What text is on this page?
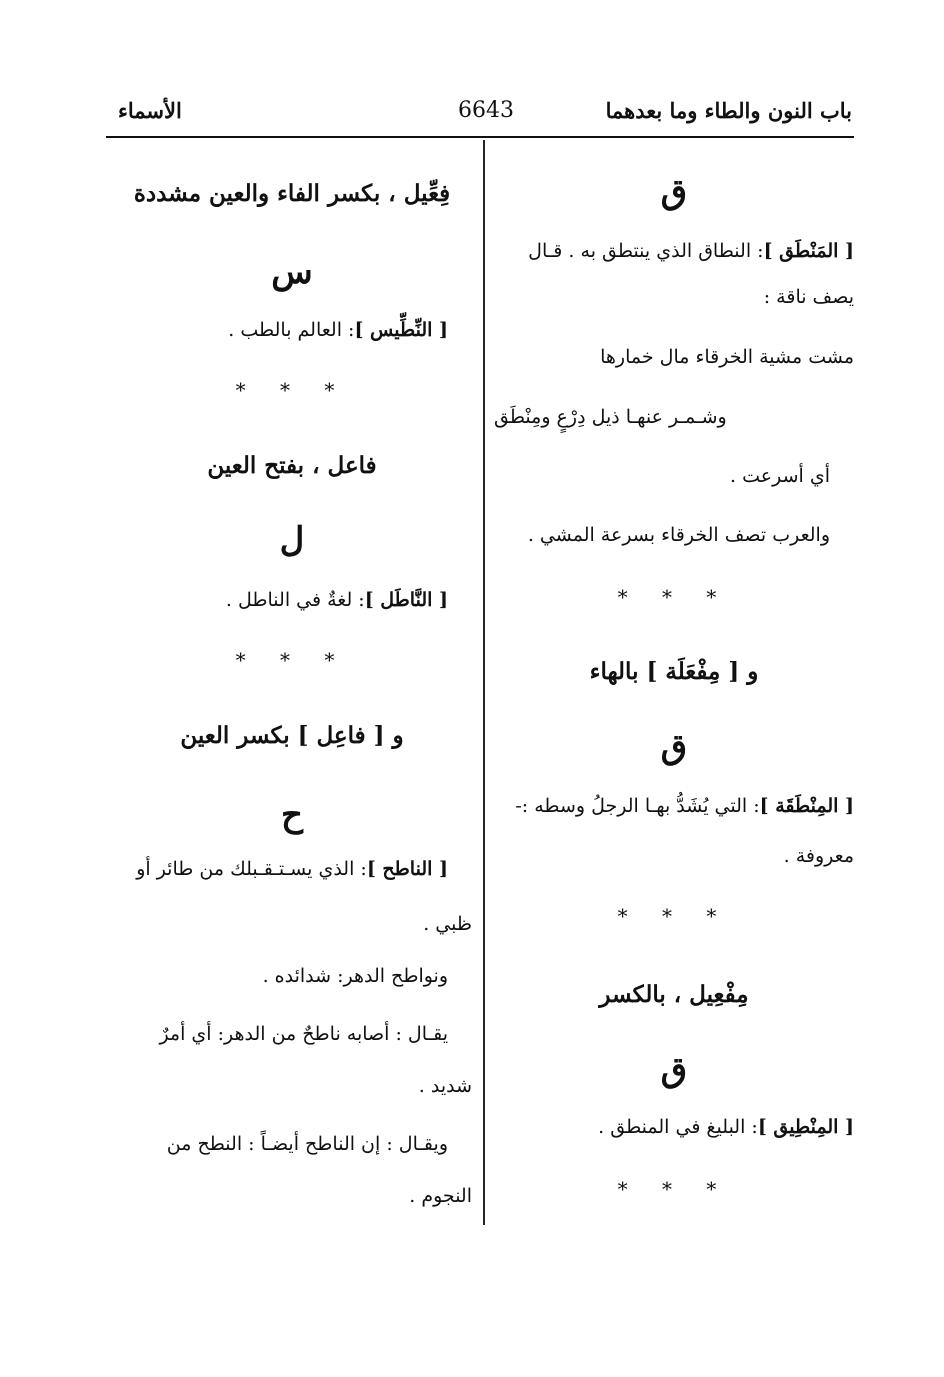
باب النون والطاء وما بعدهما
6643
الأسماء
ق
[ المَنْطَق ]: النطاق الذي ينتطق به . قـال
يصف ناقة :
مشت مشية الخرقاء مال خمارها
وشـمـر عنهـا ذيل دِرْعٍ ومِنْطَق
أي أسرعت .
والعرب تصف الخرقاء بسرعة المشي .
* * *
و [ مِفْعَلَة ] بالهاء
ق
[ المِنْطَقَة ]: التي يُشَدُّ بهـا الرجلُ وسطه :-
معروفة .
* * *
مِفْعِيل ، بالكسر
ق
[ المِنْطِيق ]: البليغ في المنطق .
* * *
فِعِّيل ، بكسر الفاء والعين مشددة
س
[ النِّطِّيس ]: العالم بالطب .
* * *
فاعل ، بفتح العين
ل
[ النَّاطَل ]: لغةٌ في الناطل .
* * *
و [ فاعِل ] بكسر العين
ح
[ الناطح ]: الذي يسـتـقـبلك من طائر أو
ظبي .
ونواطح الدهر: شدائده .
يقـال : أصابه ناطحٌ من الدهر: أي أمرٌ
شديد .
ويقـال : إن الناطح أيضـاً : النطح من
النجوم .
